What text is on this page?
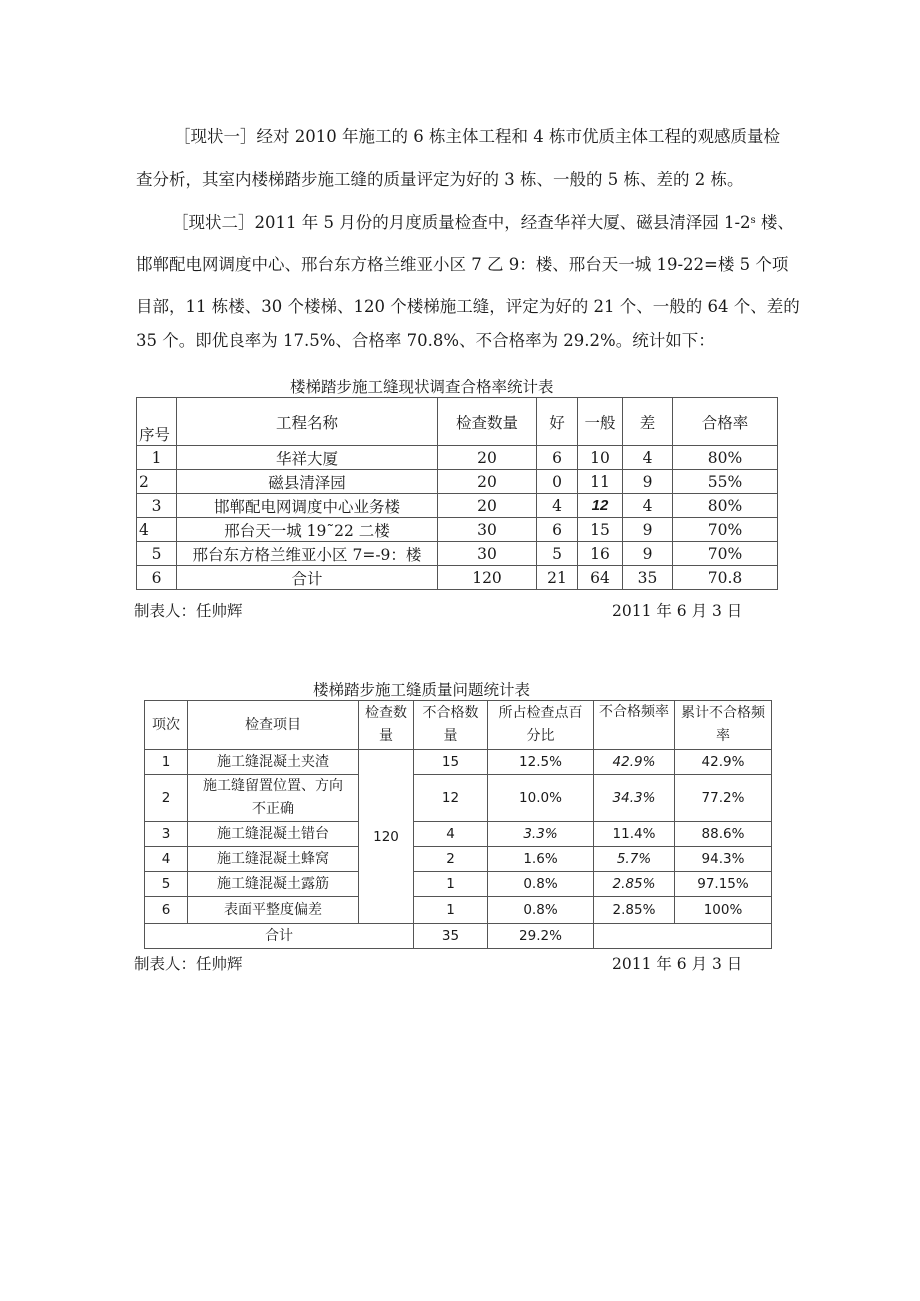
［现状一］经对 2010 年施工的 6 栋主体工程和 4 栋市优质主体工程的观感质量检
查分析，其室内楼梯踏步施工缝的质量评定为好的 3 栋、一般的 5 栋、差的 2 栋。
［现状二］2011 年 5 月份的月度质量检查中，经查华祥大厦、磁县清泽园 1-2$^s$ 楼、
邯郸配电网调度中心、邢台东方格兰维亚小区 7 乙 9：楼、邢台天一城 19-22=楼 5 个项
目部，11 栋楼、30 个楼梯、120 个楼梯施工缝，评定为好的 21 个、一般的 64 个、差的
35 个。即优良率为 17.5%、合格率 70.8%、不合格率为 29.2%。统计如下：
楼梯踏步施工缝现状调查合格率统计表
序号	工程名称	检查数量	好	一般	差	合格率
1	华祥大厦	20	6	10	4	80%
2	磁县清泽园	20	0	11	9	55%
3	邯郸配电网调度中心业务楼	20	4	12	4	80%
4	邢台天一城 19˜22 二楼	30	6	15	9	70%
5	邢台东方格兰维亚小区 7=-9：楼	30	5	16	9	70%
6	合计	120	21	64	35	70.8
制表人：任帅辉	2011 年 6 月 3 日
楼梯踏步施工缝质量问题统计表
项次	检查项目	检查数量	不合格数量	所占检查点百分比	不合格频率	累计不合格频率

1	施工缝混凝土夹渣	120	15	12.5%	42.9%	42.9%
2	施工缝留置位置、方向不正确		12	10.0%	34.3%	77.2%
3	施工缝混凝土错台		4	3.3%	11.4%	88.6%
4	施工缝混凝土蜂窝		2	1.6%	5.7%	94.3%
5	施工缝混凝土露筋		1	0.8%	2.85%	97.15%
6	表面平整度偏差		1	0.8%	2.85%	100%
合计			35	29.2%		
制表人：任帅辉	2011 年 6 月 3 日
